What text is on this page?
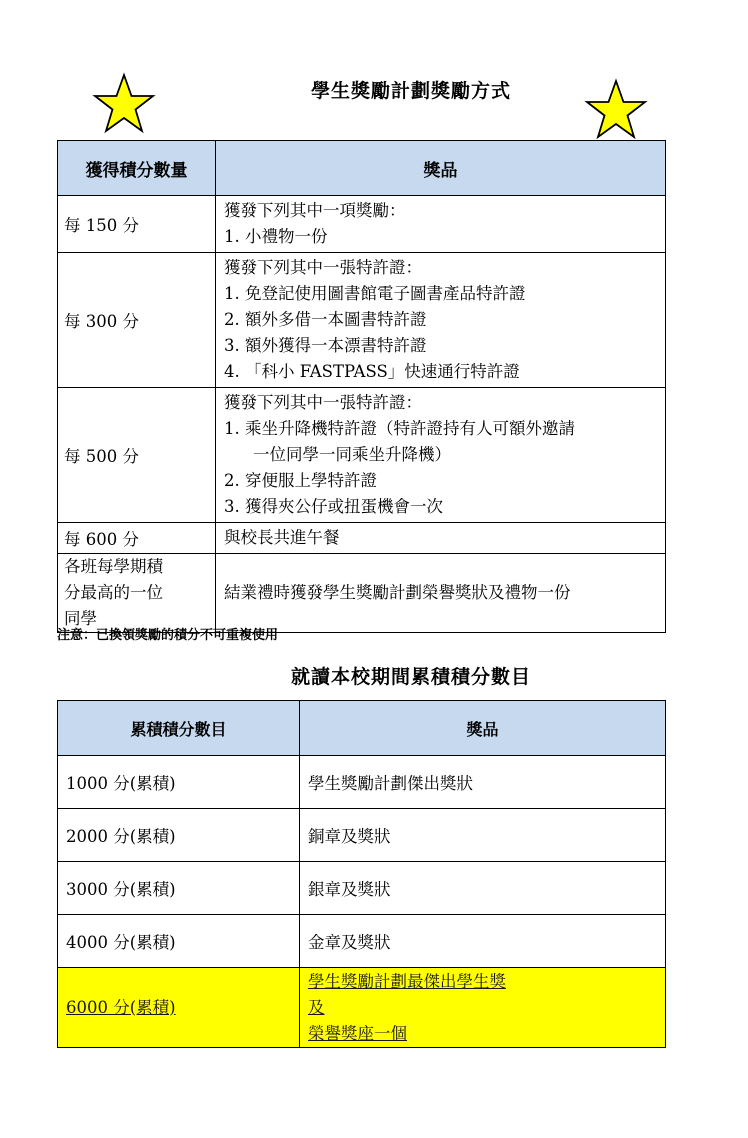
學生獎勵計劃獎勵方式
獲得積分數量	獎品
每 150 分	獲發下列其中一項獎勵：
1. 小禮物一份

每 300 分	獲發下列其中一張特許證：
1. 免登記使用圖書館電子圖書產品特許證
2. 額外多借一本圖書特許證
3. 額外獲得一本漂書特許證
4. 「科小 FASTPASS」快速通行特許證

每 500 分	獲發下列其中一張特許證：
1. 乘坐升降機特許證（特許證持有人可額外邀請
一位同學一同乘坐升降機）
2. 穿便服上學特許證
3. 獲得夾公仔或扭蛋機會一次

每 600 分	與校長共進午餐

各班每學期積
分最高的一位
同學	結業禮時獲發學生獎勵計劃榮譽獎狀及禮物一份
注意：已換領獎勵的積分不可重複使用
就讀本校期間累積積分數目
累積積分數目	獎品
1000 分(累積)	學生獎勵計劃傑出獎狀
2000 分(累積)	銅章及獎狀
3000 分(累積)	銀章及獎狀
4000 分(累積)	金章及獎狀
6000 分(累積)	學生獎勵計劃最傑出學生獎
及
榮譽獎座一個
